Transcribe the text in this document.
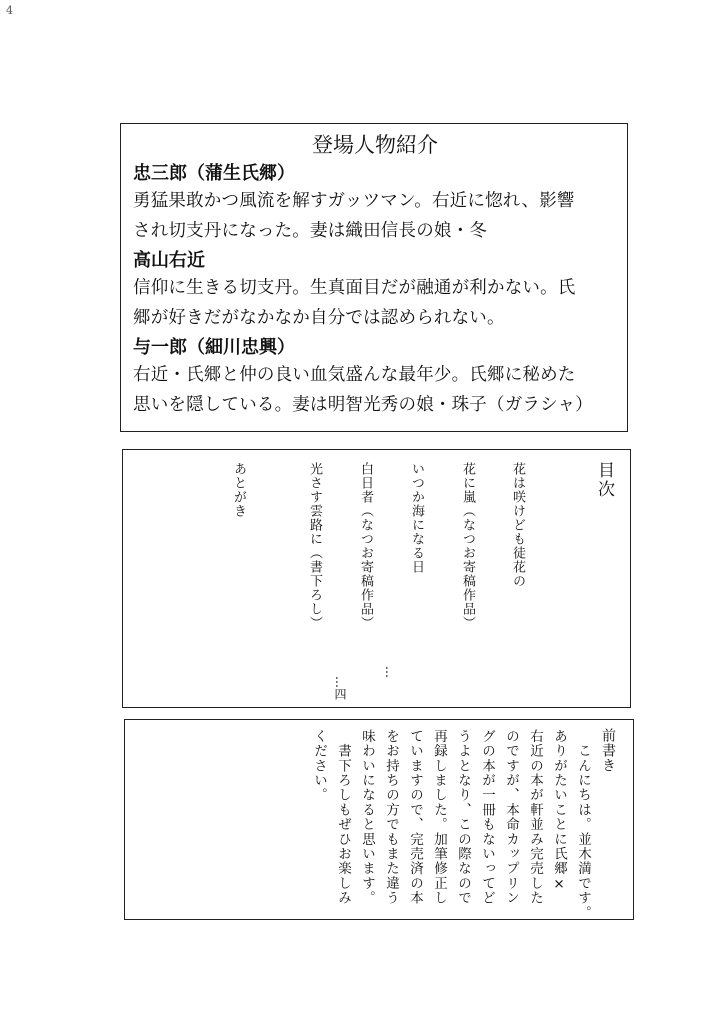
4

登場人物紹介

忠三郎（蒲生氏郷）

勇猛果敢かつ風流を解すガッツマン。右近に惚れ、影響

され切支丹になった。妻は織田信長の娘・冬

高山右近

信仰に生きる切支丹。生真面目だが融通が利かない。氏

郷が好きだがなかなか自分では認められない。

与一郎（細川忠興）

右近・氏郷と仲の良い血気盛んな最年少。氏郷に秘めた

思いを隠している。妻は明智光秀の娘・珠子（ガラシャ）

目次
花は咲けども徒花の
花に嵐（なつお寄稿作品）
いつか海になる日
白日者（なつお寄稿作品）
光さす雲路に（書下ろし）
あとがき
…
…四
前書き
　こんにちは。並木満です。
ありがたいことに氏郷×
右近の本が軒並み完売した
のですが、本命カップリン
グの本が一冊もないってど
うよとなり、この際なので
再録しました。加筆修正し
ていますので、完売済の本
をお持ちの方でもまた違う
味わいになると思います。
　書下ろしもぜひお楽しみ
ください。
